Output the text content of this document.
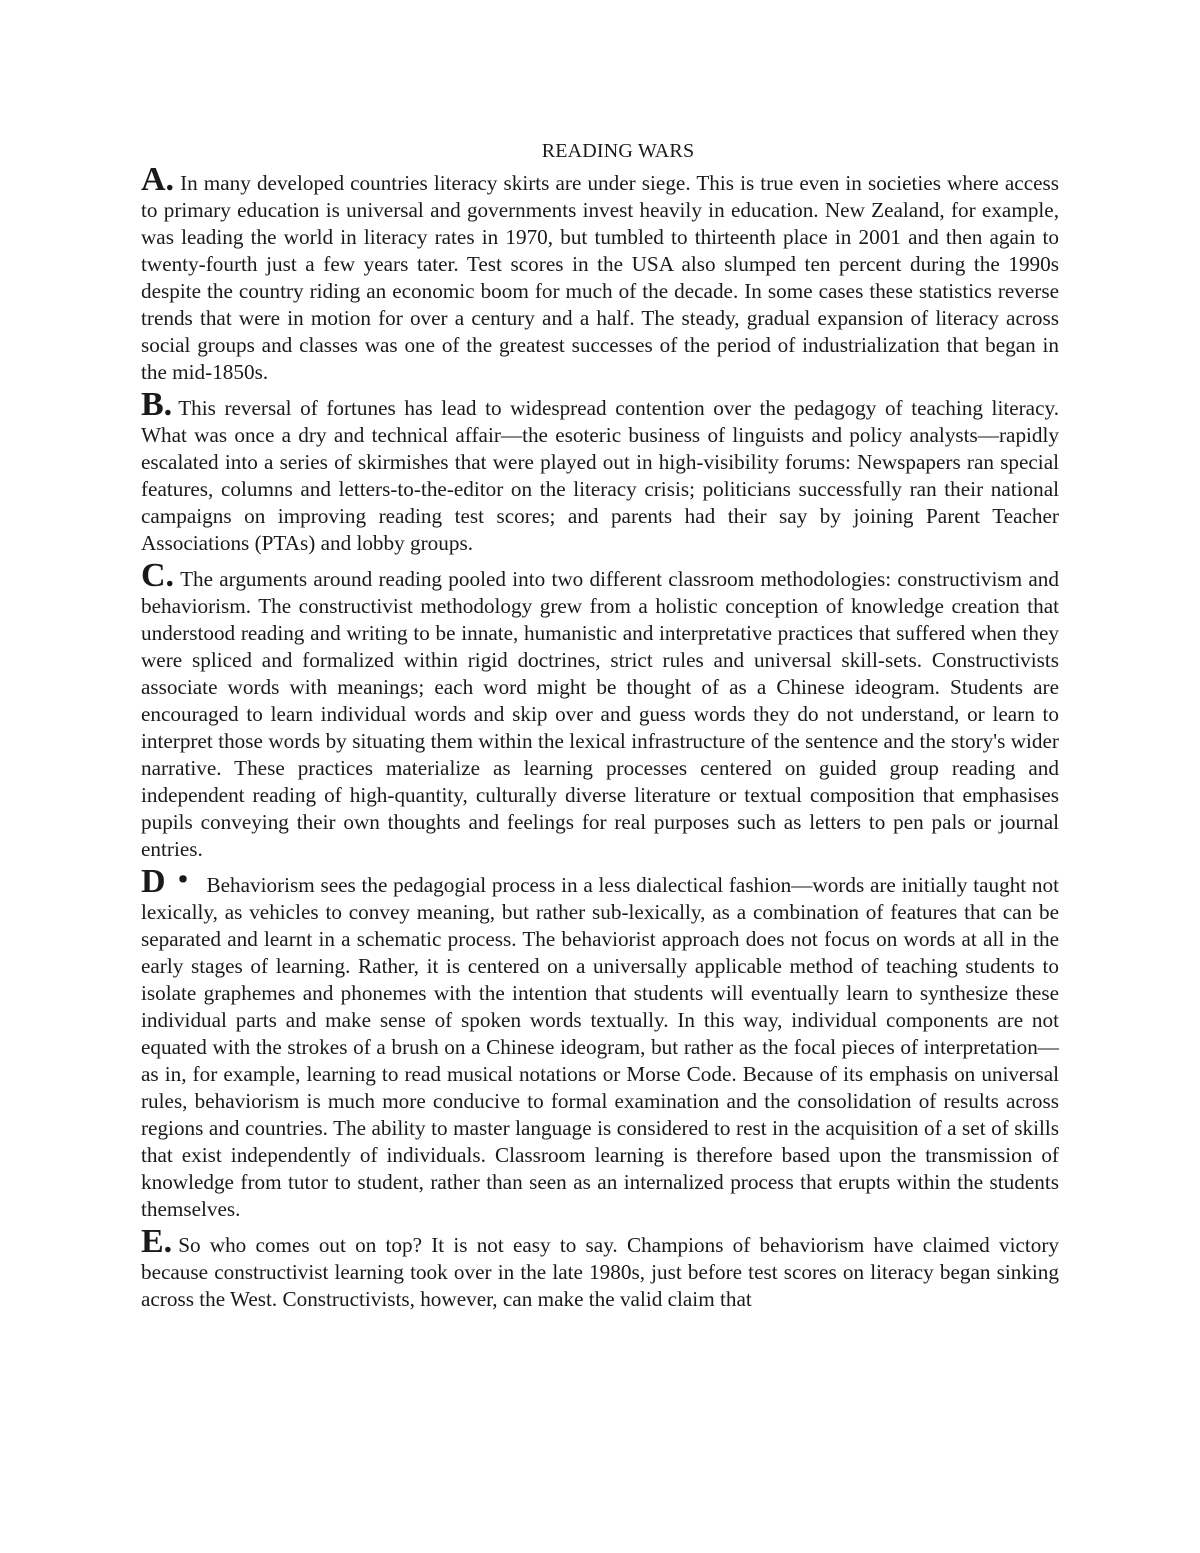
READING WARS

A. In many developed countries literacy skirts are under siege. This is true even in societies where access to primary education is universal and governments invest heavily in education. New Zealand, for example, was leading the world in literacy rates in 1970, but tumbled to thirteenth place in 2001 and then again to twenty-fourth just a few years tater. Test scores in the USA also slumped ten percent during the 1990s despite the country riding an economic boom for much of the decade. In some cases these statistics reverse trends that were in motion for over a century and a half. The steady, gradual expansion of literacy across social groups and classes was one of the greatest successes of the period of industrialization that began in the mid-1850s.

B. This reversal of fortunes has lead to widespread contention over the pedagogy of teaching literacy. What was once a dry and technical affair—the esoteric business of linguists and policy analysts—rapidly escalated into a series of skirmishes that were played out in high-visibility forums: Newspapers ran special features, columns and letters-to-the-editor on the literacy crisis; politicians successfully ran their national campaigns on improving reading test scores; and parents had their say by joining Parent Teacher Associations (PTAs) and lobby groups.

C. The arguments around reading pooled into two different classroom methodologies: constructivism and behaviorism. The constructivist methodology grew from a holistic conception of knowledge creation that understood reading and writing to be innate, humanistic and interpretative practices that suffered when they were spliced and formalized within rigid doctrines, strict rules and universal skill-sets. Constructivists associate words with meanings; each word might be thought of as a Chinese ideogram. Students are encouraged to learn individual words and skip over and guess words they do not understand, or learn to interpret those words by situating them within the lexical infrastructure of the sentence and the story's wider narrative. These practices materialize as learning processes centered on guided group reading and independent reading of high-quantity, culturally diverse literature or textual composition that emphasises pupils conveying their own thoughts and feelings for real purposes such as letters to pen pals or journal entries.

D・ Behaviorism sees the pedagogial process in a less dialectical fashion—words are initially taught not lexically, as vehicles to convey meaning, but rather sub-lexically, as a combination of features that can be separated and learnt in a schematic process. The behaviorist approach does not focus on words at all in the early stages of learning. Rather, it is centered on a universally applicable method of teaching students to isolate graphemes and phonemes with the intention that students will eventually learn to synthesize these individual parts and make sense of spoken words textually. In this way, individual components are not equated with the strokes of a brush on a Chinese ideogram, but rather as the focal pieces of interpretation—as in, for example, learning to read musical notations or Morse Code. Because of its emphasis on universal rules, behaviorism is much more conducive to formal examination and the consolidation of results across regions and countries. The ability to master language is considered to rest in the acquisition of a set of skills that exist independently of individuals. Classroom learning is therefore based upon the transmission of knowledge from tutor to student, rather than seen as an internalized process that erupts within the students themselves.

E. So who comes out on top? It is not easy to say. Champions of behaviorism have claimed victory because constructivist learning took over in the late 1980s, just before test scores on literacy began sinking across the West. Constructivists, however, can make the valid claim that
